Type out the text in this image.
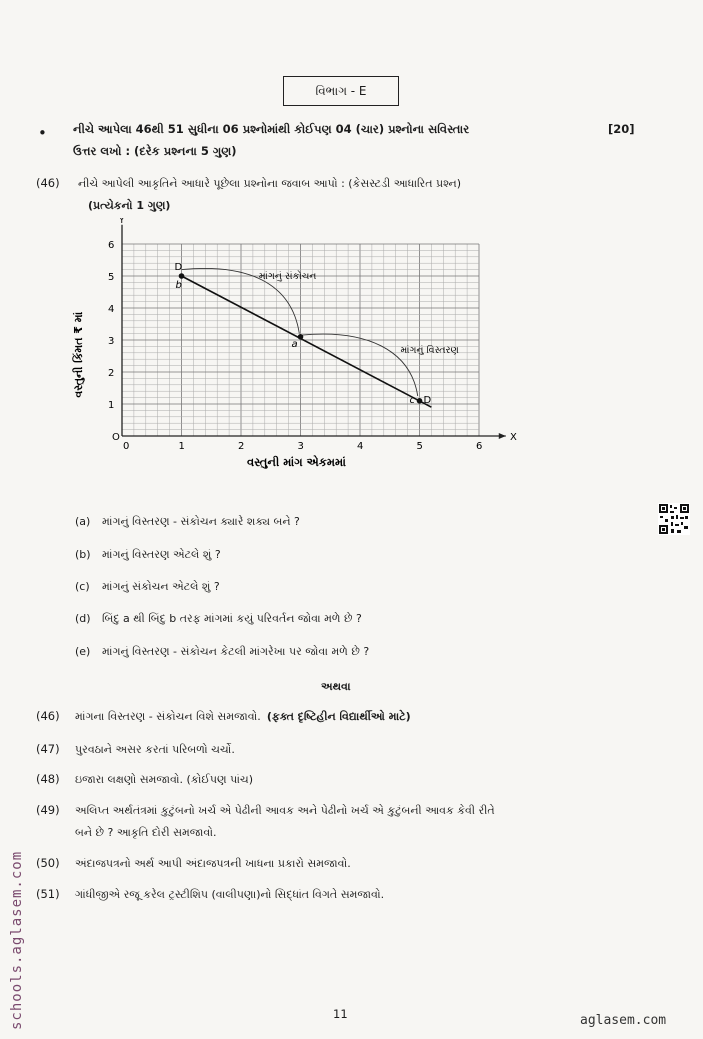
વિભાગ - E
• નીચે આપેલા 46થી 51 સુધીના 06 પ્રશ્નોમાંથી કોઈપણ 04 (ચાર) પ્રશ્નોના સવિસ્તાર	[20]
ઉત્તર લખો : (દરેક પ્રશ્નના 5 ગુણ)
(46) નીચે આપેલી આકૃતિને આધારે પૂછેલા પ્રશ્નોના જવાબ આપો : (કેસસ્ટડી આધારિત પ્રશ્ન)
(પ્રત્યેકનો 1 ગુણ)
X
Y
O
0	1	2	3	4	5	6
1
2
3
4
5
6
માંગનું સંકોચન
માંગનું વિસ્તરણ
D
b
a
c D
વસ્તુની માંગ એકમમાં
વસ્તુની કિંમત ₹ માં
(a) માંગનું વિસ્તરણ - સંકોચન ક્યારે શક્ય બને ?
(b) માંગનું વિસ્તરણ એટલે શું ?
(c) માંગનું સંકોચન એટલે શું ?
(d) બિંદુ a થી બિંદુ b તરફ માંગમાં કયું પરિવર્તન જોવા મળે છે ?
(e) માંગનું વિસ્તરણ - સંકોચન કેટલી માંગરેખા પર જોવા મળે છે ?
અથવા
(46) માંગના વિસ્તરણ - સંકોચન વિશે સમજાવો. (ફક્ત દૃષ્ટિહીન વિદ્યાર્થીઓ માટે)
(47) પુરવઠાને અસર કરતાં પરિબળો ચર્ચો.
(48) ઇજારા લક્ષણો સમજાવો. (કોઈપણ પાંચ)
(49) અલિપ્ત અર્થતંત્રમાં કુટુંબનો ખર્ચ એ પેઢીની આવક અને પેઢીનો ખર્ચ એ કુટુંબની આવક કેવી રીતે
બને છે ? આકૃતિ દોરી સમજાવો.
(50) અંદાજપત્રનો અર્થ આપી અંદાજપત્રની ખાધના પ્રકારો સમજાવો.
(51) ગાંધીજીએ રજૂ કરેલ ટ્રસ્ટીશિપ (વાલીપણા)નો સિદ્ધાંત વિગતે સમજાવો.
11
schools.aglasem.com	aglasem.com
